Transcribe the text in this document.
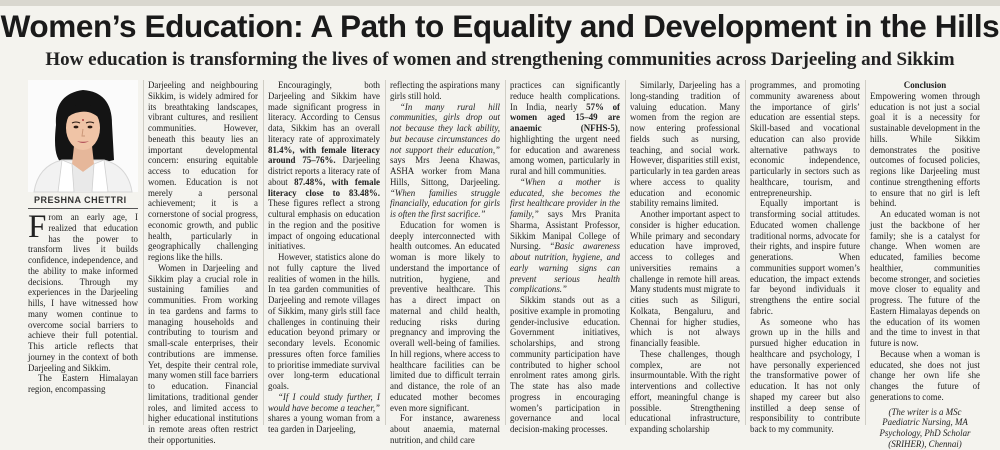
Women’s Education: A Path to Equality and Development in the Hills
How education is transforming the lives of women and strengthening communities across Darjeeling and Sikkim
PRESHNA CHETTRI

From an early age, I realized that education has the power to transform lives it builds confidence, independence, and the ability to make informed decisions. Through my experiences in the Darjeeling hills, I have witnessed how many women continue to overcome social barriers to achieve their full potential. This article reflects that journey in the context of both Darjeeling and Sikkim.

The Eastern Himalayan region, encompassing

Darjeeling and neighbouring Sikkim, is widely admired for its breathtaking landscapes, vibrant cultures, and resilient communities. However, beneath this beauty lies an important developmental concern: ensuring equitable access to education for women. Education is not merely a personal achievement; it is a cornerstone of social progress, economic growth, and public health, particularly in geographically challenging regions like the hills.

Women in Darjeeling and Sikkim play a crucial role in sustaining families and communities. From working in tea gardens and farms to managing households and contributing to tourism and small-scale enterprises, their contributions are immense. Yet, despite their central role, many women still face barriers to education. Financial limitations, traditional gender roles, and limited access to higher educational institutions in remote areas often restrict their opportunities.

Encouragingly, both Darjeeling and Sikkim have made significant progress in literacy. According to Census data, Sikkim has an overall literacy rate of approximately 81.4%, with female literacy around 75–76%. Darjeeling district reports a literacy rate of about 87.48%, with female literacy close to 83.48%. These figures reflect a strong cultural emphasis on education in the region and the positive impact of ongoing educational initiatives.

However, statistics alone do not fully capture the lived realities of women in the hills. In tea garden communities of Darjeeling and remote villages of Sikkim, many girls still face challenges in continuing their education beyond primary or secondary levels. Economic pressures often force families to prioritise immediate survival over long-term educational goals.

“If I could study further, I would have become a teacher,” shares a young woman from a tea garden in Darjeeling,

reflecting the aspirations many girls still hold.

“In many rural hill communities, girls drop out not because they lack ability, but because circumstances do not support their education,” says Mrs Jeena Khawas, ASHA worker from Mana Hills, Sittong, Darjeeling. “When families struggle financially, education for girls is often the first sacrifice.”

Education for women is deeply interconnected with health outcomes. An educated woman is more likely to understand the importance of nutrition, hygiene, and preventive healthcare. This has a direct impact on maternal and child health, reducing risks during pregnancy and improving the overall well-being of families. In hill regions, where access to healthcare facilities can be limited due to difficult terrain and distance, the role of an educated mother becomes even more significant.

For instance, awareness about anaemia, maternal nutrition, and child care

practices can significantly reduce health complications. In India, nearly 57% of women aged 15–49 are anaemic (NFHS-5), highlighting the urgent need for education and awareness among women, particularly in rural and hill communities.

“When a mother is educated, she becomes the first healthcare provider in the family,” says Mrs Pranita Sharma, Assistant Professor, Sikkim Manipal College of Nursing. “Basic awareness about nutrition, hygiene, and early warning signs can prevent serious health complications.”

Sikkim stands out as a positive example in promoting gender-inclusive education. Government initiatives, scholarships, and strong community participation have contributed to higher school enrolment rates among girls. The state has also made progress in encouraging women’s participation in governance and local decision-making processes.

Similarly, Darjeeling has a long-standing tradition of valuing education. Many women from the region are now entering professional fields such as nursing, teaching, and social work. However, disparities still exist, particularly in tea garden areas where access to quality education and economic stability remains limited.

Another important aspect to consider is higher education. While primary and secondary education have improved, access to colleges and universities remains a challenge in remote hill areas. Many students must migrate to cities such as Siliguri, Kolkata, Bengaluru, and Chennai for higher studies, which is not always financially feasible.

These challenges, though complex, are not insurmountable. With the right interventions and collective effort, meaningful change is possible. Strengthening educational infrastructure, expanding scholarship

programmes, and promoting community awareness about the importance of girls’ education are essential steps. Skill-based and vocational education can also provide alternative pathways to economic independence, particularly in sectors such as healthcare, tourism, and entrepreneurship.

Equally important is transforming social attitudes. Educated women challenge traditional norms, advocate for their rights, and inspire future generations. When communities support women’s education, the impact extends far beyond individuals it strengthens the entire social fabric.

As someone who has grown up in the hills and pursued higher education in healthcare and psychology, I have personally experienced the transformative power of education. It has not only shaped my career but also instilled a deep sense of responsibility to contribute back to my community.

Conclusion

Empowering women through education is not just a social goal it is a necessity for sustainable development in the hills. While Sikkim demonstrates the positive outcomes of focused policies, regions like Darjeeling must continue strengthening efforts to ensure that no girl is left behind.

An educated woman is not just the backbone of her family; she is a catalyst for change. When women are educated, families become healthier, communities become stronger, and societies move closer to equality and progress. The future of the Eastern Himalayas depends on the education of its women and the time to invest in that future is now.

Because when a woman is educated, she does not just change her own life she changes the future of generations to come.

(The writer is a MSc Paediatric Nursing, MA Psychology, PhD Scholar (SRIHER), Chennai)
